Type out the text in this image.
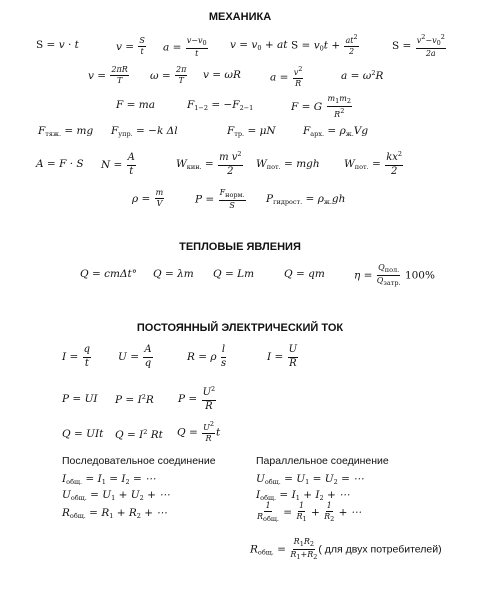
МЕХАНИКА
ТЕПЛОВЫЕ ЯВЛЕНИЯ
ПОСТОЯННЫЙ ЭЛЕКТРИЧЕСКИЙ ТОК
S = v · t	$v = \frac{S}{t}$ $a = \frac{v-v_0}{t}$ $v = v_0$ + at $S = v_0t + \frac{at^2}{2}$	$S = \frac{v^2-v_0^2}{2a}$
$v = \frac{2\pi R}{T}$ $\omega = \frac{2\pi}{T}$ v = ωR	$a = \frac{v^2}{R}$	$a = \omega^2R$
F = ma	$F_{1-2} = -F_{2-1}$	F = G $\frac{m_1m_2}{R^2}$
$F_{тяж.}$ = mg $F_{упр.} = -k$ Δl	$F_{тр.} = \mu N$	$F_{арх.} = \rho_{ж.}Vg$
A = F · S $N = \frac{A}{t}$	$W_{кин.} = \frac{m v^2}{2} W_{пот.}$ = mgh $W_{пот.} = \frac{kx^2}{2}$
$\rho = \frac{m}{V}$	$P = \frac{F_{норм.}}{S} P_{гидрост.} = \rho_{ж.}gh$
Q = cmΔt° Q = λm Q = Lm	Q = qm	$\eta = \frac{Q_{пол.}}{Q_{затр.}} 100\%$
$I = \frac{q}{t}$	$U = \frac{A}{q}$	R = ρ $\frac{l}{s}$	$I = \frac{U}{R}$
P = UI $P = I^2R$ $P = \frac{U^2}{R}$
Q = UIt $Q = I^2$ Rt $Q = \frac{U^2}{R}$ t
Последовательное соединение
$I_{общ.} = I_1 = I_2$ = ⋯
$U_{общ.} = U_1 + U_2$ + ⋯
$R_{общ.} = R_1 + R_2$ + ⋯
Параллельное соединение
$U_{общ.} = U_1 = U_2$ = ⋯
$I_{общ.} = I_1 + I_2$ + ⋯
$\frac{1}{R_{общ.}} = \frac{1}{R_1} + \frac{1}{R_2}$ + ⋯
$R_{общ.} = \frac{R_1R_2}{R_1+R_2}$ ( для двух потребителей)
